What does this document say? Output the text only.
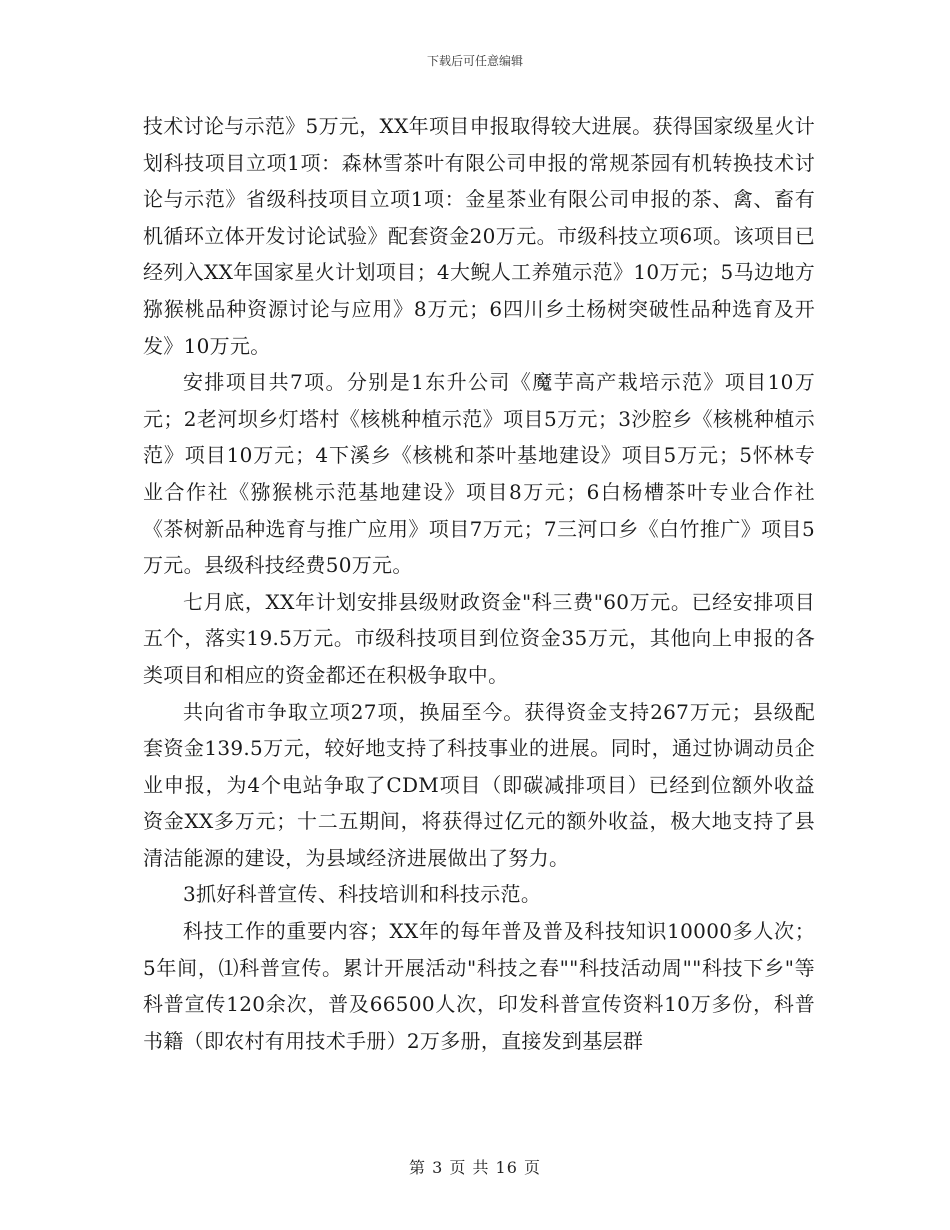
下载后可任意编辑

技术讨论与示范》5万元，XX年项目申报取得较大进展。获得国家级星火计划科技项目立项1项：森林雪茶叶有限公司申报的常规茶园有机转换技术讨论与示范》省级科技项目立项1项：金星茶业有限公司申报的茶、禽、畜有机循环立体开发讨论试验》配套资金20万元。市级科技立项6项。该项目已经列入XX年国家星火计划项目；4大鲵人工养殖示范》10万元；5马边地方猕猴桃品种资源讨论与应用》8万元；6四川乡土杨树突破性品种选育及开发》10万元。

安排项目共7项。分别是1东升公司《魔芋高产栽培示范》项目10万元；2老河坝乡灯塔村《核桃种植示范》项目5万元；3沙腔乡《核桃种植示范》项目10万元；4下溪乡《核桃和茶叶基地建设》项目5万元；5怀林专业合作社《猕猴桃示范基地建设》项目8万元；6白杨槽茶叶专业合作社《茶树新品种选育与推广应用》项目7万元；7三河口乡《白竹推广》项目5万元。县级科技经费50万元。

七月底，XX年计划安排县级财政资金"科三费"60万元。已经安排项目五个，落实19.5万元。市级科技项目到位资金35万元，其他向上申报的各类项目和相应的资金都还在积极争取中。

共向省市争取立项27项，换届至今。获得资金支持267万元；县级配套资金139.5万元，较好地支持了科技事业的进展。同时，通过协调动员企业申报，为4个电站争取了CDM项目（即碳减排项目）已经到位额外收益资金XX多万元；十二五期间，将获得过亿元的额外收益，极大地支持了县清洁能源的建设，为县域经济进展做出了努力。

3抓好科普宣传、科技培训和科技示范。

科技工作的重要内容；XX年的每年普及普及科技知识10000多人次；5年间，⑴科普宣传。累计开展活动"科技之春""科技活动周""科技下乡"等科普宣传120余次，普及66500人次，印发科普宣传资料10万多份，科普书籍（即农村有用技术手册）2万多册，直接发到基层群

第 3 页 共 16 页
